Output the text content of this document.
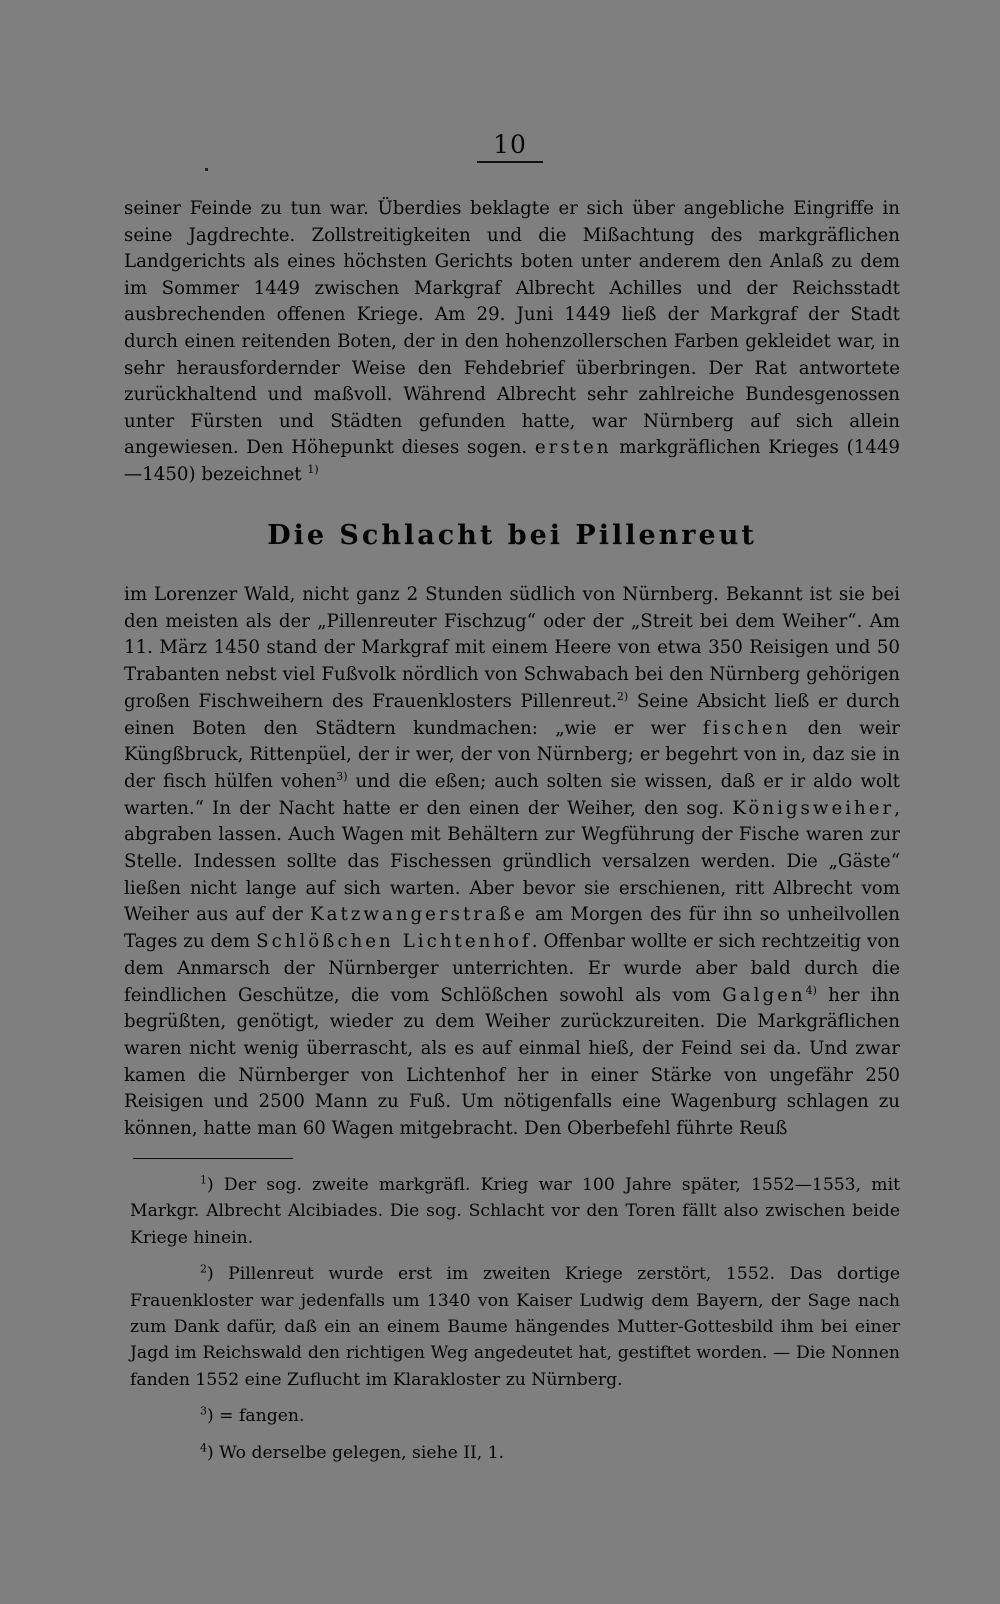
10

seiner Feinde zu tun war. Überdies beklagte er sich über angebliche Eingriffe in seine Jagdrechte. Zollstreitigkeiten und die Mißachtung des markgräflichen Landgerichts als eines höchsten Gerichts boten unter anderem den Anlaß zu dem im Sommer 1449 zwischen Markgraf Albrecht Achilles und der Reichsstadt ausbrechenden offenen Kriege. Am 29. Juni 1449 ließ der Markgraf der Stadt durch einen reitenden Boten, der in den hohenzollerschen Farben gekleidet war, in sehr herausfordernder Weise den Fehdebrief überbringen. Der Rat antwortete zurückhaltend und maßvoll. Während Albrecht sehr zahlreiche Bundesgenossen unter Fürsten und Städten gefunden hatte, war Nürnberg auf sich allein angewiesen. Den Höhepunkt dieses sogen. ersten markgräflichen Krieges (1449—1450) bezeichnet $^{1)}$

Die Schlacht bei Pillenreut

im Lorenzer Wald, nicht ganz 2 Stunden südlich von Nürnberg. Bekannt ist sie bei den meisten als der „Pillenreuter Fischzug“ oder der „Streit bei dem Weiher“. Am 11. März 1450 stand der Markgraf mit einem Heere von etwa 350 Reisigen und 50 Trabanten nebst viel Fußvolk nördlich von Schwabach bei den Nürnberg gehörigen großen Fischweihern des Frauenklosters Pillenreut.$^{2)}$ Seine Absicht ließ er durch einen Boten den Städtern kundmachen: „wie er wer fischen den weir Küngßbruck, Rittenpüel, der ir wer, der von Nürnberg; er begehrt von in, daz sie in der fisch hülfen vohen$^{3)}$ und die eßen; auch solten sie wissen, daß er ir aldo wolt warten.“ In der Nacht hatte er den einen der Weiher, den sog. Königsweiher, abgraben lassen. Auch Wagen mit Behältern zur Wegführung der Fische waren zur Stelle. Indessen sollte das Fischessen gründlich versalzen werden. Die „Gäste“ ließen nicht lange auf sich warten. Aber bevor sie erschienen, ritt Albrecht vom Weiher aus auf der Katzwangerstraße am Morgen des für ihn so unheilvollen Tages zu dem Schlößchen Lichtenhof. Offenbar wollte er sich rechtzeitig von dem Anmarsch der Nürnberger unterrichten. Er wurde aber bald durch die feindlichen Geschütze, die vom Schlößchen sowohl als vom Galgen$^{4)}$ her ihn begrüßten, genötigt, wieder zu dem Weiher zurückzureiten. Die Markgräflichen waren nicht wenig überrascht, als es auf einmal hieß, der Feind sei da. Und zwar kamen die Nürnberger von Lichtenhof her in einer Stärke von ungefähr 250 Reisigen und 2500 Mann zu Fuß. Um nötigenfalls eine Wagenburg schlagen zu können, hatte man 60 Wagen mitgebracht. Den Oberbefehl führte Reuß

$^1$) Der sog. zweite markgräfl. Krieg war 100 Jahre später, 1552—1553, mit Markgr. Albrecht Alcibiades. Die sog. Schlacht vor den Toren fällt also zwischen beide Kriege hinein.

$^2$) Pillenreut wurde erst im zweiten Kriege zerstört, 1552. Das dortige Frauenkloster war jedenfalls um 1340 von Kaiser Ludwig dem Bayern, der Sage nach zum Dank dafür, daß ein an einem Baume hängendes Mutter-Gottesbild ihm bei einer Jagd im Reichswald den richtigen Weg angedeutet hat, gestiftet worden. — Die Nonnen fanden 1552 eine Zuflucht im Klarakloster zu Nürnberg.

$^3$) = fangen.

$^4$) Wo derselbe gelegen, siehe II, 1.
